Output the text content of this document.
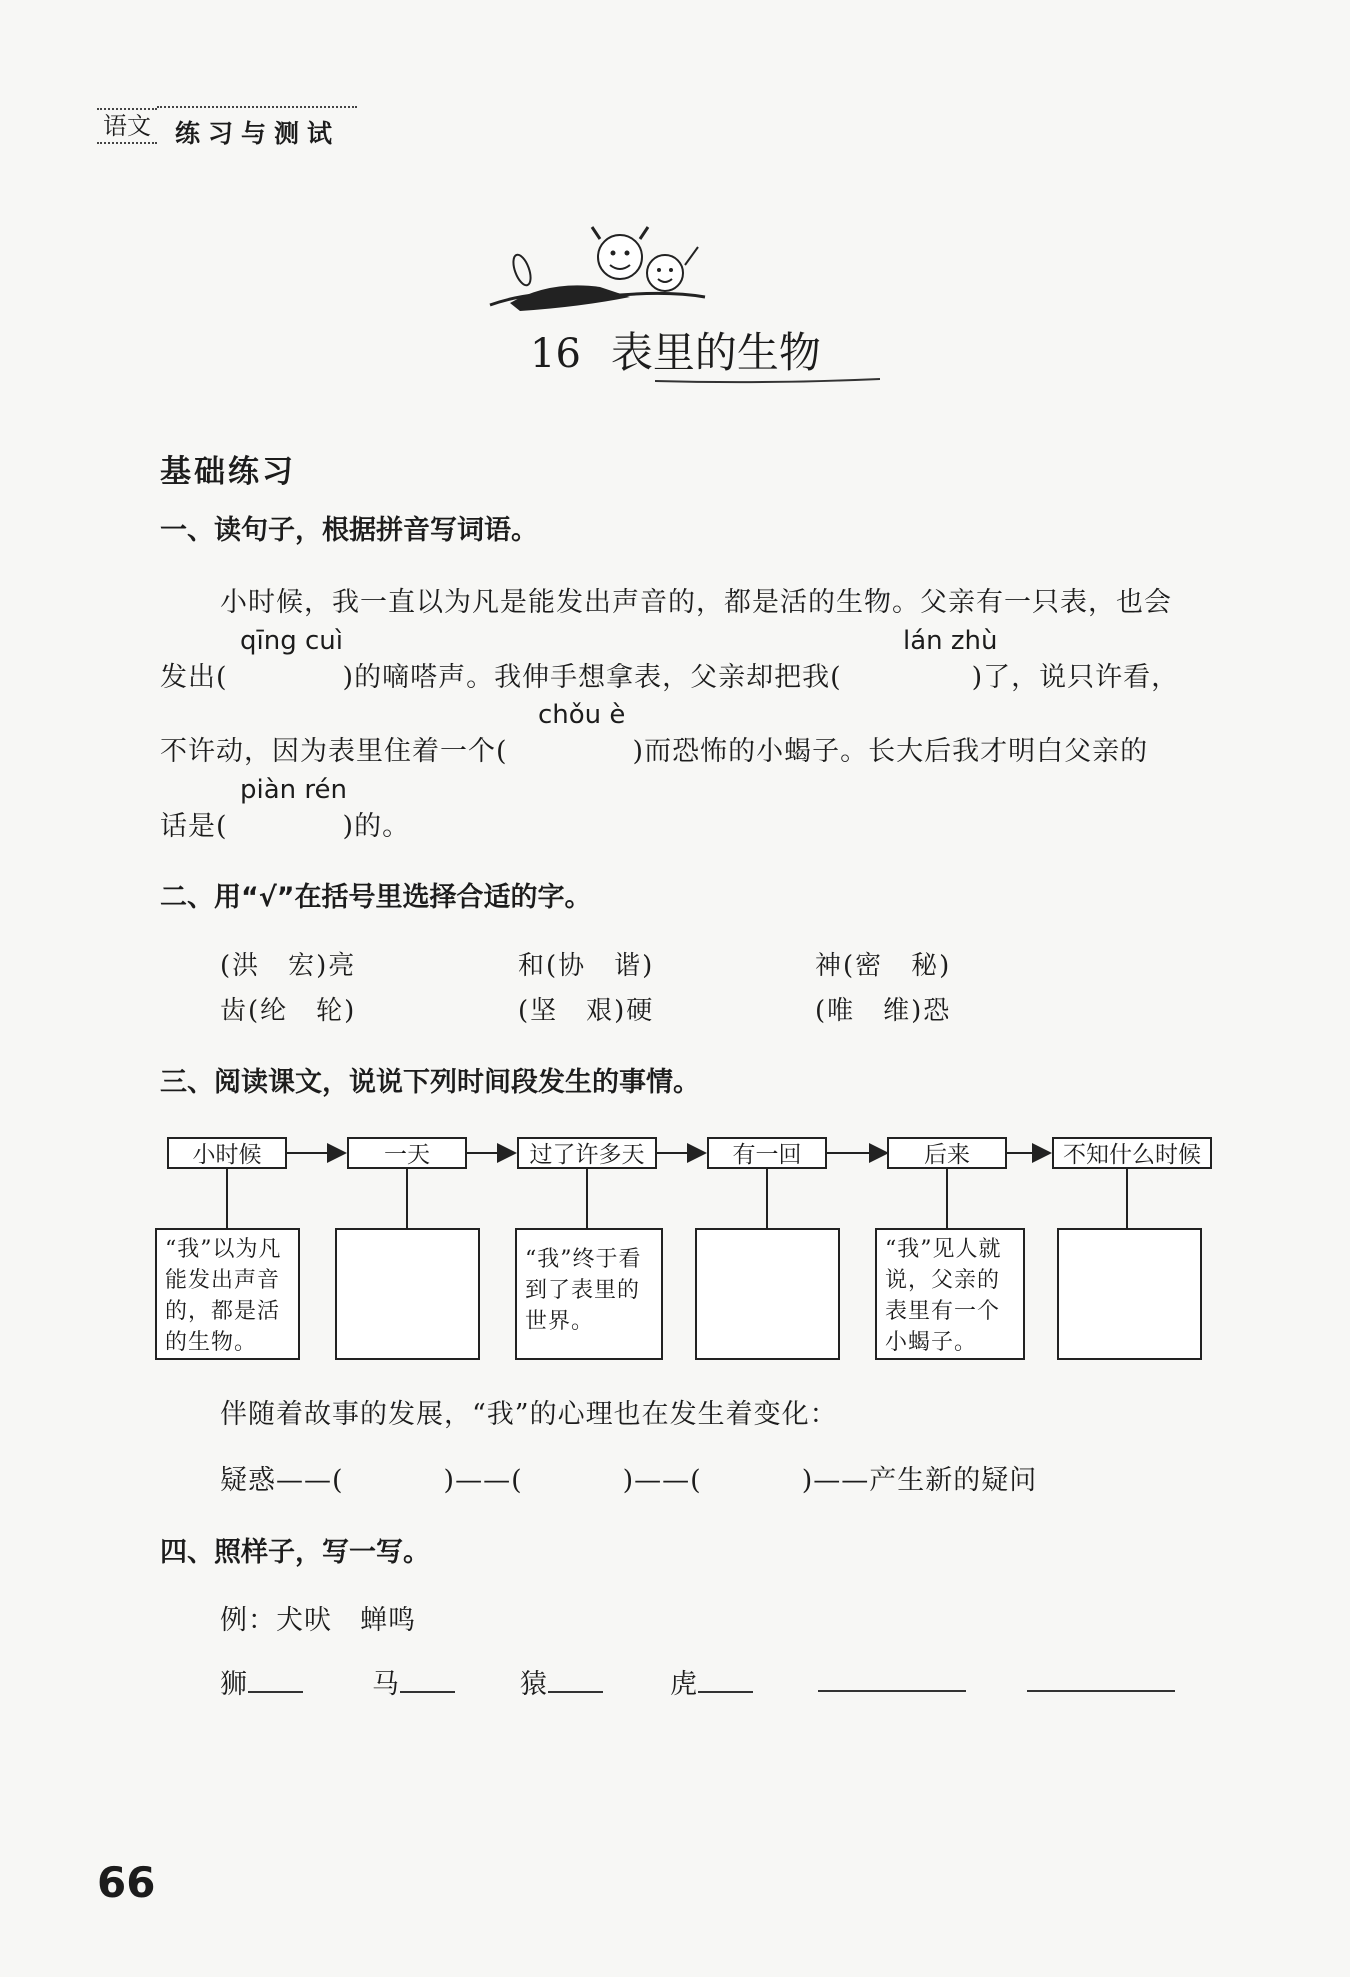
语文 练习与测试
16 表里的生物
基础练习
一、读句子，根据拼音写词语。
小时候，我一直以为凡是能发出声音的，都是活的生物。父亲有一只表，也会
qīng cuì	lán zhù
发出(	)的嘀嗒声。我伸手想拿表，父亲却把我(	)了，说只许看，
chǒu è
不许动，因为表里住着一个(	)而恐怖的小蝎子。长大后我才明白父亲的
piàn rén
话是(	)的。
二、用“√”在括号里选择合适的字。
(洪　宏)亮	和(协　谐)	神(密　秘)
齿(纶　轮)	(坚　艰)硬	(唯　维)恐
三、阅读课文，说说下列时间段发生的事情。
小时候	一天	过了许多天	有一回	后来	不知什么时候
“我”以为凡能发出声音的，都是活的生物。
“我”终于看到了表里的世界。
“我”见人就说，父亲的表里有一个小蝎子。
伴随着故事的发展，“我”的心理也在发生着变化：
疑惑——(	)——(	)——(	)——产生新的疑问
四、照样子，写一写。
例：犬吠　蝉鸣
狮	马	猿	虎
66
